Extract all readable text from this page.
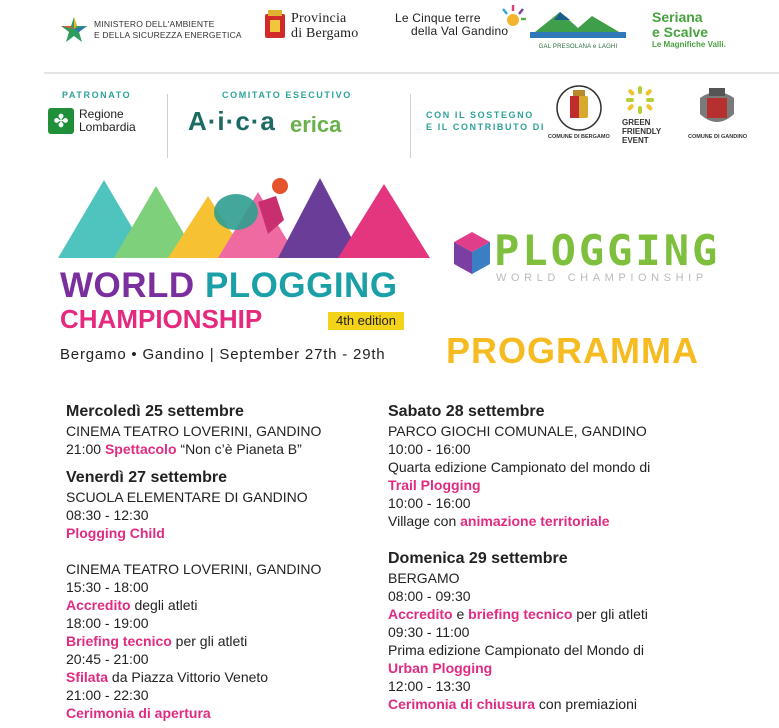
MINISTERO DELL'AMBIENTE
E DELLA SICUREZZA ENERGETICA
Provincia
di Bergamo
Le Cinque terre
della Val Gandino
GAL PRESOLANA e LAGHI
Seriana
e Scalve
Le Magnifiche Valli.
PATRONATO
✤ Regione
Lombardia
COMITATO ESECUTIVO
A·i·c·a erica	CON IL SOSTEGNO
E IL CONTRIBUTO DI
COMUNE DI BERGAMO
GREEN
FRIENDLY
EVENT	COMUNE DI GANDINO
WORLD PLOGGING
CHAMPIONSHIP	4th edition
Bergamo • Gandino | September 27th - 29th
PLOGGING
WORLD CHAMPIONSHIP
PROGRAMMA
Mercoledì 25 settembre
CINEMA TEATRO LOVERINI, GANDINO
21:00 Spettacolo “Non c’è Pianeta B”
Venerdì 27 settembre
SCUOLA ELEMENTARE DI GANDINO
08:30 - 12:30
Plogging Child
CINEMA TEATRO LOVERINI, GANDINO
15:30 - 18:00
Accredito degli atleti
18:00 - 19:00
Briefing tecnico per gli atleti
20:45 - 21:00
Sfilata da Piazza Vittorio Veneto
21:00 - 22:30
Cerimonia di apertura
Sabato 28 settembre
PARCO GIOCHI COMUNALE, GANDINO
10:00 - 16:00
Quarta edizione Campionato del mondo di
Trail Plogging
10:00 - 16:00
Village con animazione territoriale
Domenica 29 settembre
BERGAMO
08:00 - 09:30
Accredito e briefing tecnico per gli atleti
09:30 - 11:00
Prima edizione Campionato del Mondo di
Urban Plogging
12:00 - 13:30
Cerimonia di chiusura con premiazioni
